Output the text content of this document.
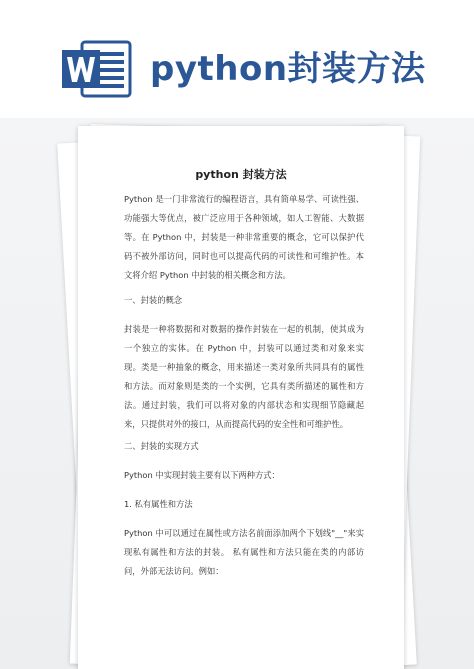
python封装方法
python 封装方法
Python 是一门非常流行的编程语言，具有简单易学、可读性强、功能强大等优点，被广泛应用于各种领域，如人工智能、大数据等。在 Python 中，封装是一种非常重要的概念，它可以保护代码不被外部访问，同时也可以提高代码的可读性和可维护性。本文将介绍 Python 中封装的相关概念和方法。
一、封装的概念
封装是一种将数据和对数据的操作封装在一起的机制，使其成为一个独立的实体。在 Python 中，封装可以通过类和对象来实现。类是一种抽象的概念，用来描述一类对象所共同具有的属性和方法。而对象则是类的一个实例，它具有类所描述的属性和方法。通过封装，我们可以将对象的内部状态和实现细节隐藏起来，只提供对外的接口，从而提高代码的安全性和可维护性。
二、封装的实现方式
Python 中实现封装主要有以下两种方式：
1. 私有属性和方法
Python 中可以通过在属性或方法名前面添加两个下划线"__"来实现私有属性和方法的封装。 私有属性和方法只能在类的内部访问，外部无法访问。例如：
